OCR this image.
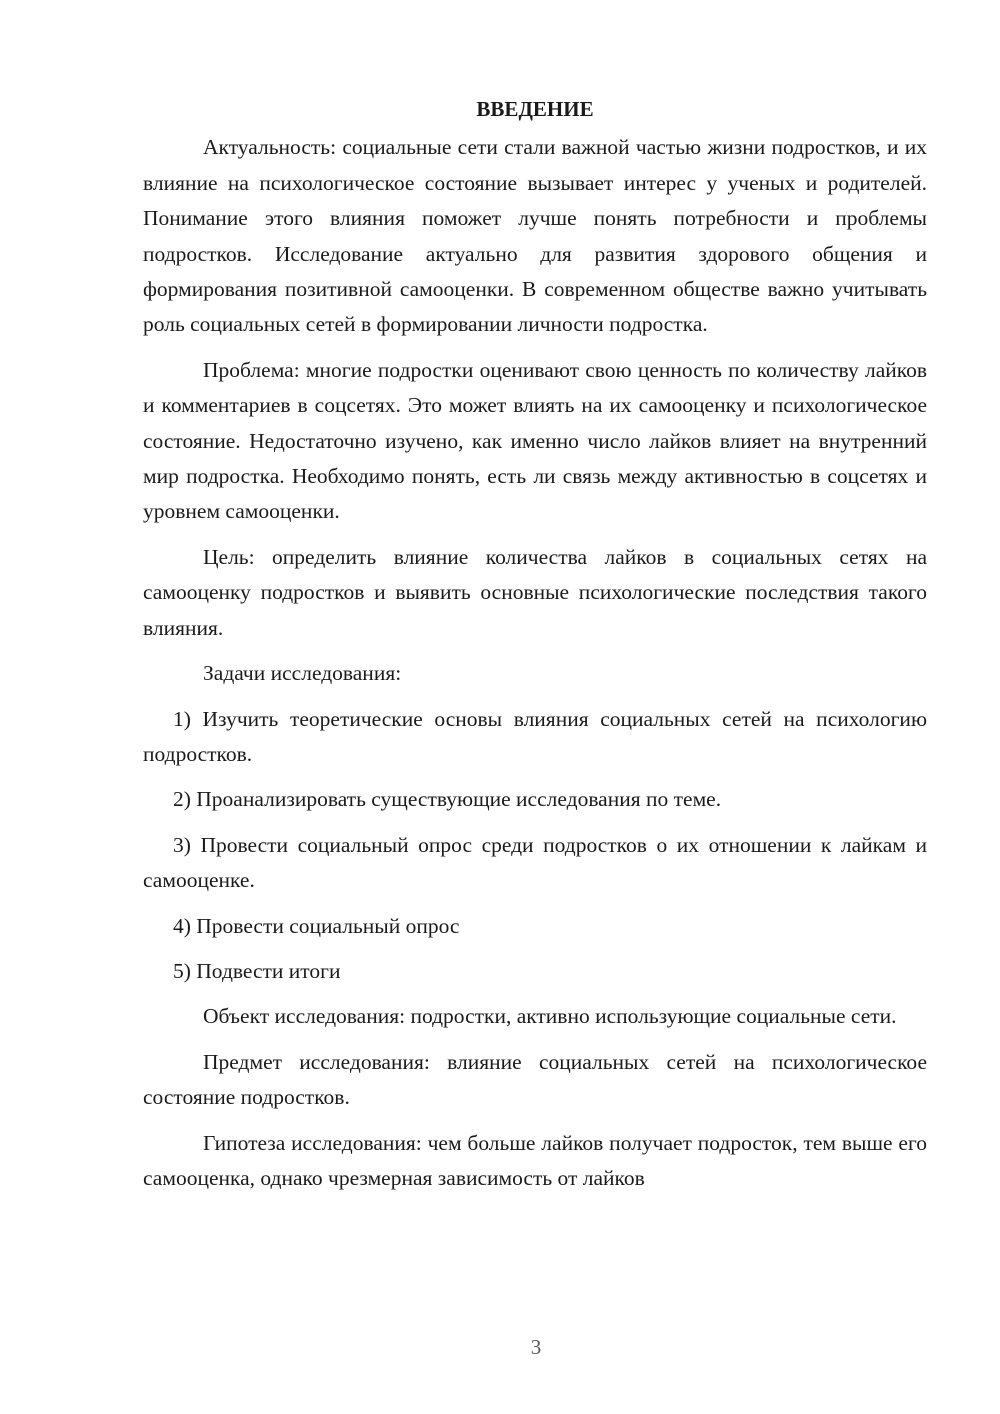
ВВЕДЕНИЕ

Актуальность: социальные сети стали важной частью жизни подростков, и их влияние на психологическое состояние вызывает интерес у ученых и родителей. Понимание этого влияния поможет лучше понять потребности и проблемы подростков. Исследование актуально для развития здорового общения и формирования позитивной самооценки. В современном обществе важно учитывать роль социальных сетей в формировании личности подростка.

Проблема: многие подростки оценивают свою ценность по количеству лайков и комментариев в соцсетях. Это может влиять на их самооценку и психологическое состояние. Недостаточно изучено, как именно число лайков влияет на внутренний мир подростка. Необходимо понять, есть ли связь между активностью в соцсетях и уровнем самооценки.

Цель: определить влияние количества лайков в социальных сетях на самооценку подростков и выявить основные психологические последствия такого влияния.

Задачи исследования:

1) Изучить теоретические основы влияния социальных сетей на психологию подростков.

2) Проанализировать существующие исследования по теме.

3) Провести социальный опрос среди подростков о их отношении к лайкам и самооценке.

4) Провести социальный опрос

5) Подвести итоги

Объект исследования: подростки, активно использующие социальные сети.

Предмет исследования: влияние социальных сетей на психологическое состояние подростков.

Гипотеза исследования: чем больше лайков получает подросток, тем выше его самооценка, однако чрезмерная зависимость от лайков

3
